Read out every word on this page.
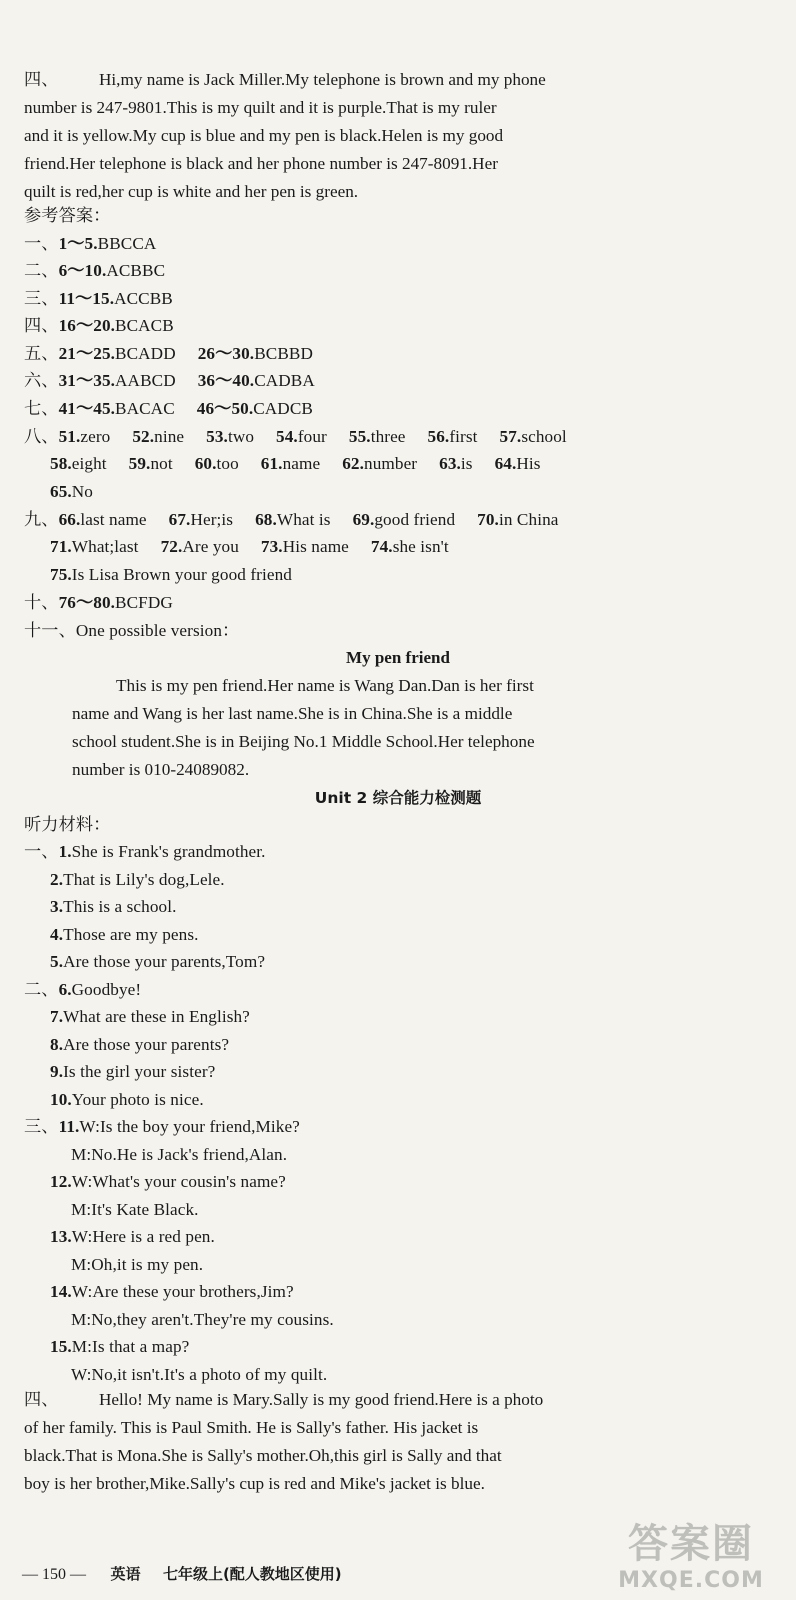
四、 Hi,my name is Jack Miller.My telephone is brown and my phone

number is 247-9801.This is my quilt and it is purple.That is my ruler

and it is yellow.My cup is blue and my pen is black.Helen is my good

friend.Her telephone is black and her phone number is 247-8091.Her

quilt is red,her cup is white and her pen is green.

参考答案：
一、1～5.BBCCA
二、6～10.ACBBC
三、11～15.ACCBB
四、16～20.BCACB
五、21～25.BCADD 26～30.BCBBD
六、31～35.AABCD 36～40.CADBA
七、41～45.BACAC 46～50.CADCB
八、51.zero 52.nine 53.two 54.four 55.three 56.first 57.school
58.eight 59.not 60.too 61.name 62.number 63.is 64.His
65.No
九、66.last name 67.Her;is 68.What is 69.good friend 70.in China
71.What;last 72.Are you 73.His name 74.she isn't
75.Is Lisa Brown your good friend
十、76～80.BCFDG
十一、One possible version：
My pen friend

This is my pen friend.Her name is Wang Dan.Dan is her first

name and Wang is her last name.She is in China.She is a middle

school student.She is in Beijing No.1 Middle School.Her telephone

number is 010-24089082.

Unit 2 综合能力检测题
听力材料：
一、1.She is Frank's grandmother.
2.That is Lily's dog,Lele.
3.This is a school.
4.Those are my pens.
5.Are those your parents,Tom?
二、6.Goodbye!
7.What are these in English?
8.Are those your parents?
9.Is the girl your sister?
10.Your photo is nice.
三、11.W:Is the boy your friend,Mike?
M:No.He is Jack's friend,Alan.
12.W:What's your cousin's name?
M:It's Kate Black.
13.W:Here is a red pen.
M:Oh,it is my pen.
14.W:Are these your brothers,Jim?
M:No,they aren't.They're my cousins.
15.M:Is that a map?
W:No,it isn't.It's a photo of my quilt.

四、 Hello! My name is Mary.Sally is my good friend.Here is a photo

of her family. This is Paul Smith. He is Sally's father. His jacket is

black.That is Mona.She is Sally's mother.Oh,this girl is Sally and that

boy is her brother,Mike.Sally's cup is red and Mike's jacket is blue.

— 150 — 英语 七年级上(配人教地区使用)
答案圈
MXQE.COM
